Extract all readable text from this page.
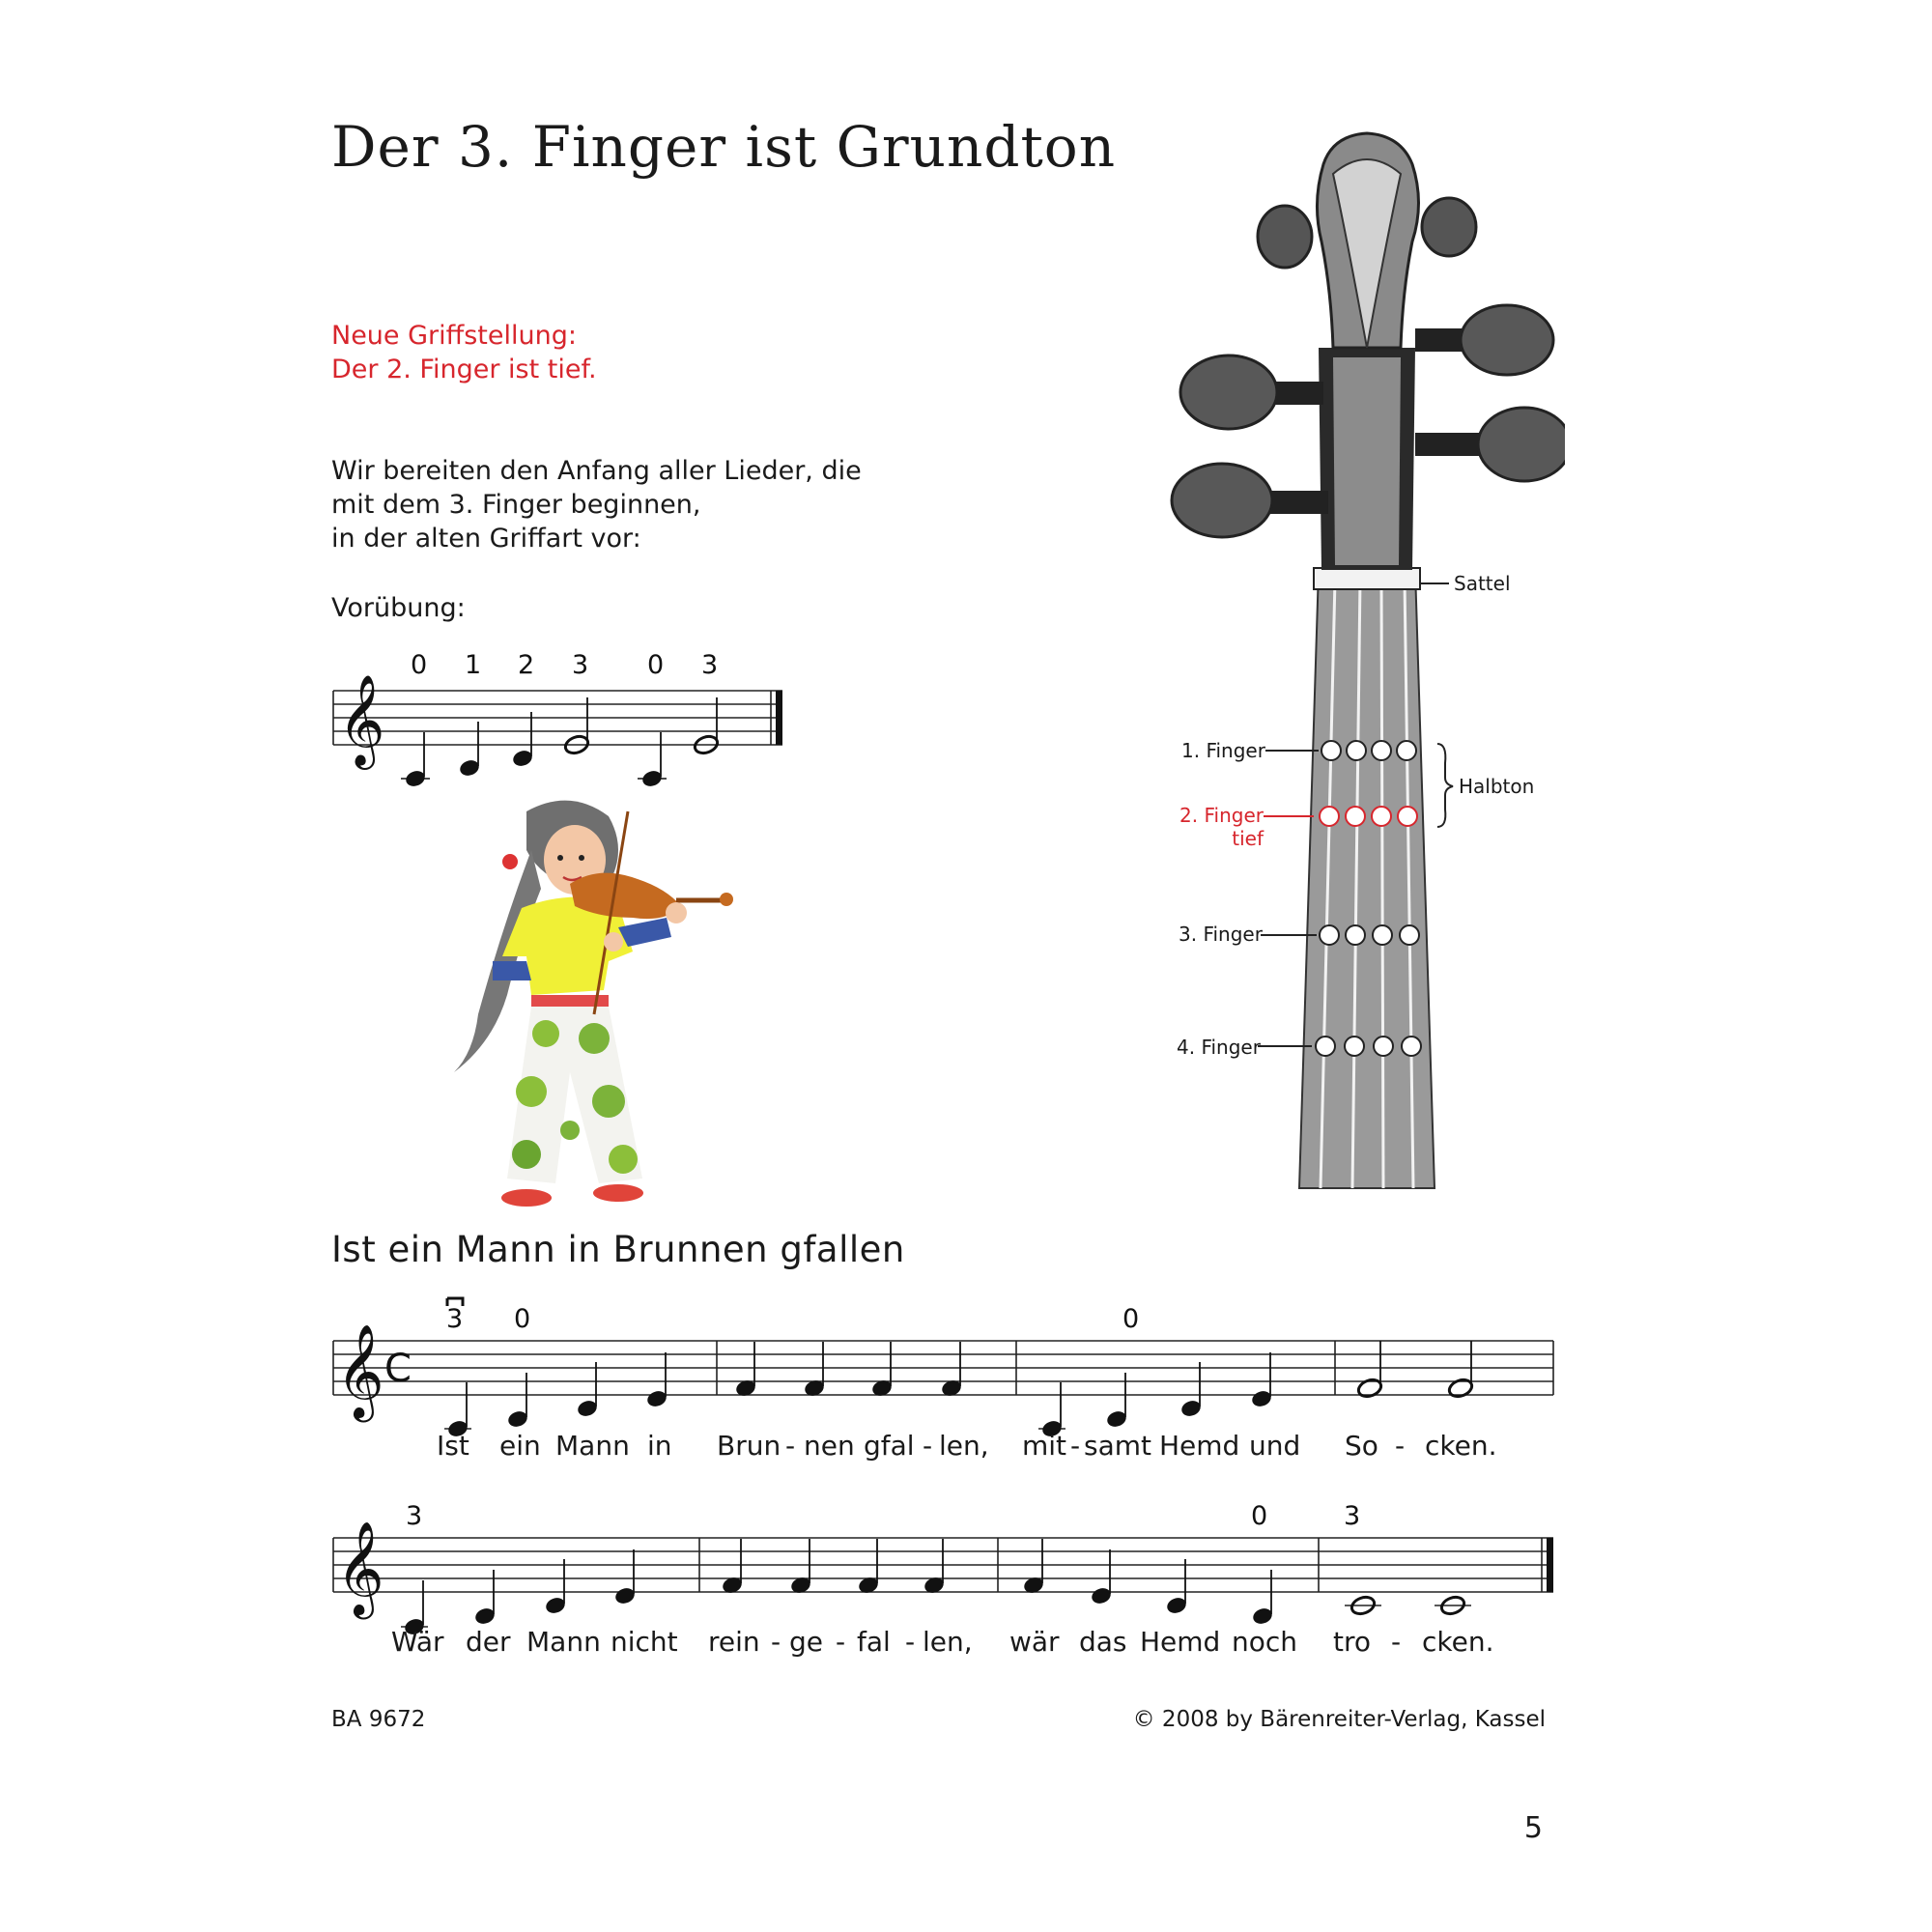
Der 3. Finger ist Grundton
Neue Griffstellung:
Der 2. Finger ist tief.
Wir bereiten den Anfang aller Lieder, die
mit dem 3. Finger beginnen,
in der alten Griffart vor:
Vorübung:
𝄞
0 1 2 3 0 3
Sattel
1. Finger
2. Finger
tief
3. Finger
4. Finger
Halbton
Ist ein Mann in Brunnen gfallen
𝄞 C
3 0	0
Ist ein Mann in Brun - nen gfal - len, mit - samt Hemd und So - cken.
𝄞
3	0	3
Wär der Mann nicht rein - ge - fal - len, wär das Hemd noch tro - cken.
BA 9672	© 2008 by Bärenreiter-Verlag, Kassel
5
